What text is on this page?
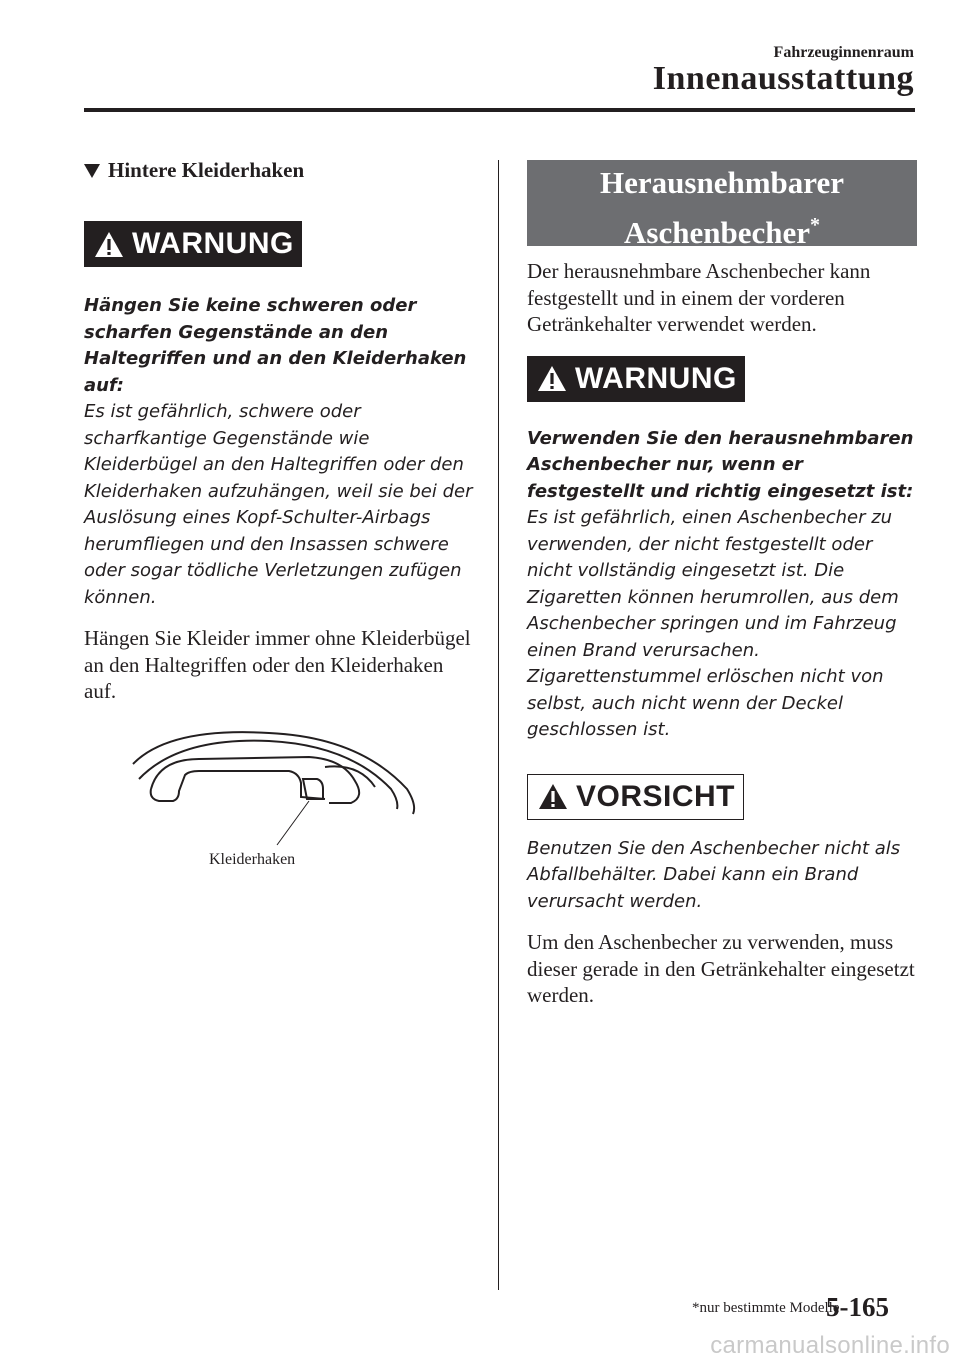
Fahrzeuginnenraum
Innenausstattung
Hintere Kleiderhaken
WARNUNG

Hängen Sie keine schweren oder scharfen Gegenstände an den Haltegriffen und an den Kleiderhaken auf:
Es ist gefährlich, schwere oder scharfkantige Gegenstände wie Kleiderbügel an den Haltegriffen oder den Kleiderhaken aufzuhängen, weil sie bei der Auslösung eines Kopf-Schulter-Airbags herumfliegen und den Insassen schwere oder sogar tödliche Verletzungen zufügen können.

Hängen Sie Kleider immer ohne Kleiderbügel an den Haltegriffen oder den Kleiderhaken auf.

Kleiderhaken
Herausnehmbarer
Aschenbecher*

Der herausnehmbare Aschenbecher kann festgestellt und in einem der vorderen Getränkehalter verwendet werden.

WARNUNG

Verwenden Sie den herausnehmbaren Aschenbecher nur, wenn er festgestellt und richtig eingesetzt ist:
Es ist gefährlich, einen Aschenbecher zu verwenden, der nicht festgestellt oder nicht vollständig eingesetzt ist. Die Zigaretten können herumrollen, aus dem Aschenbecher springen und im Fahrzeug einen Brand verursachen. Zigarettenstummel erlöschen nicht von selbst, auch nicht wenn der Deckel geschlossen ist.

VORSICHT

Benutzen Sie den Aschenbecher nicht als Abfallbehälter. Dabei kann ein Brand verursacht werden.

Um den Aschenbecher zu verwenden, muss dieser gerade in den Getränkehalter eingesetzt werden.

*nur bestimmte Modelle
5-165
carmanualsonline.info
